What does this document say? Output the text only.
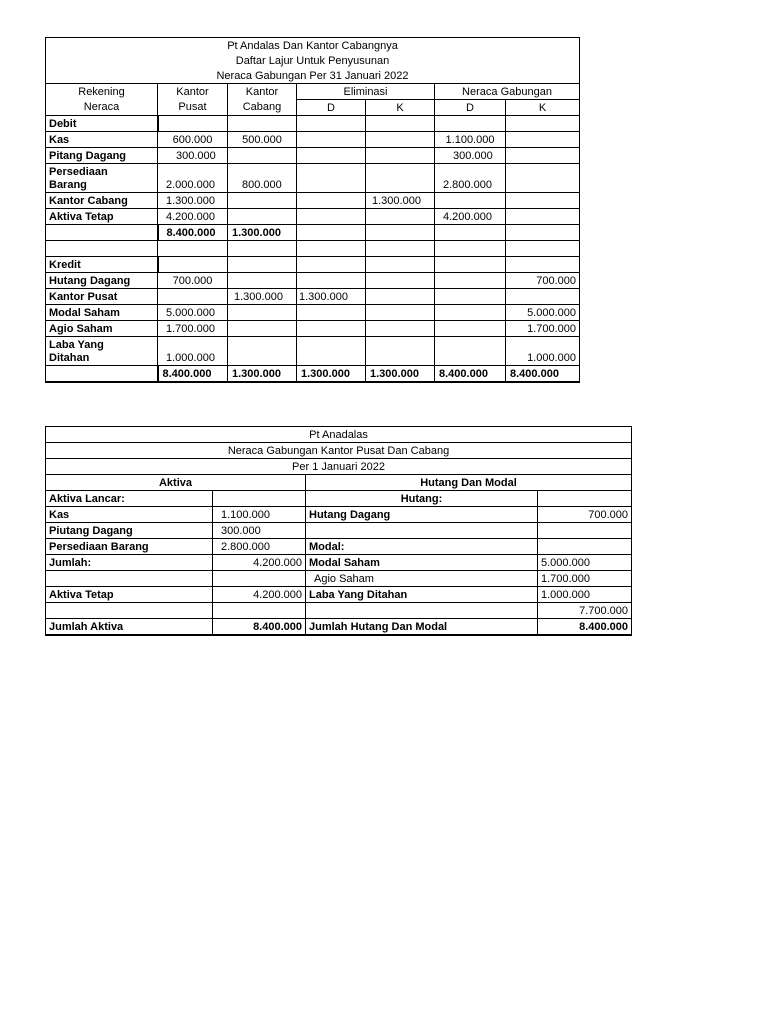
Pt Andalas Dan Kantor Cabangnya						
Daftar Lajur Untuk Penyusunan						
Neraca Gabungan Per 31 Januari 2022						
Rekening	Kantor	Kantor	Eliminasi		Neraca Gabungan	
Neraca	Pusat	Cabang	D	K	D	K
Debit						
Kas	600.000	500.000			1.100.000	
Pitang Dagang	300.000				300.000	
Persediaan
Barang	2.000.000	800.000			2.800.000	
Kantor Cabang	1.300.000			1.300.000		
Aktiva Tetap	4.200.000				4.200.000	
	8.400.000	1.300.000				

Kredit						
Hutang Dagang	700.000					700.000
Kantor Pusat		1.300.000	1.300.000			
Modal Saham	5.000.000					5.000.000
Agio Saham	1.700.000					1.700.000
Laba Yang
Ditahan	1.000.000					1.000.000
	8.400.000	1.300.000	1.300.000	1.300.000	8.400.000	8.400.000
Pt Anadalas			
Neraca Gabungan Kantor Pusat Dan Cabang			
Per 1 Januari 2022			
Aktiva		Hutang Dan Modal	
Aktiva Lancar:		Hutang:	
Kas	1.100.000	Hutang Dagang	700.000
Piutang Dagang	300.000		
Persediaan Barang	2.800.000	Modal:	
Jumlah:	4.200.000	Modal Saham	5.000.000
		Agio Saham	1.700.000
Aktiva Tetap	4.200.000	Laba Yang Ditahan	1.000.000
			7.700.000
Jumlah Aktiva	8.400.000	Jumlah Hutang Dan Modal	8.400.000
